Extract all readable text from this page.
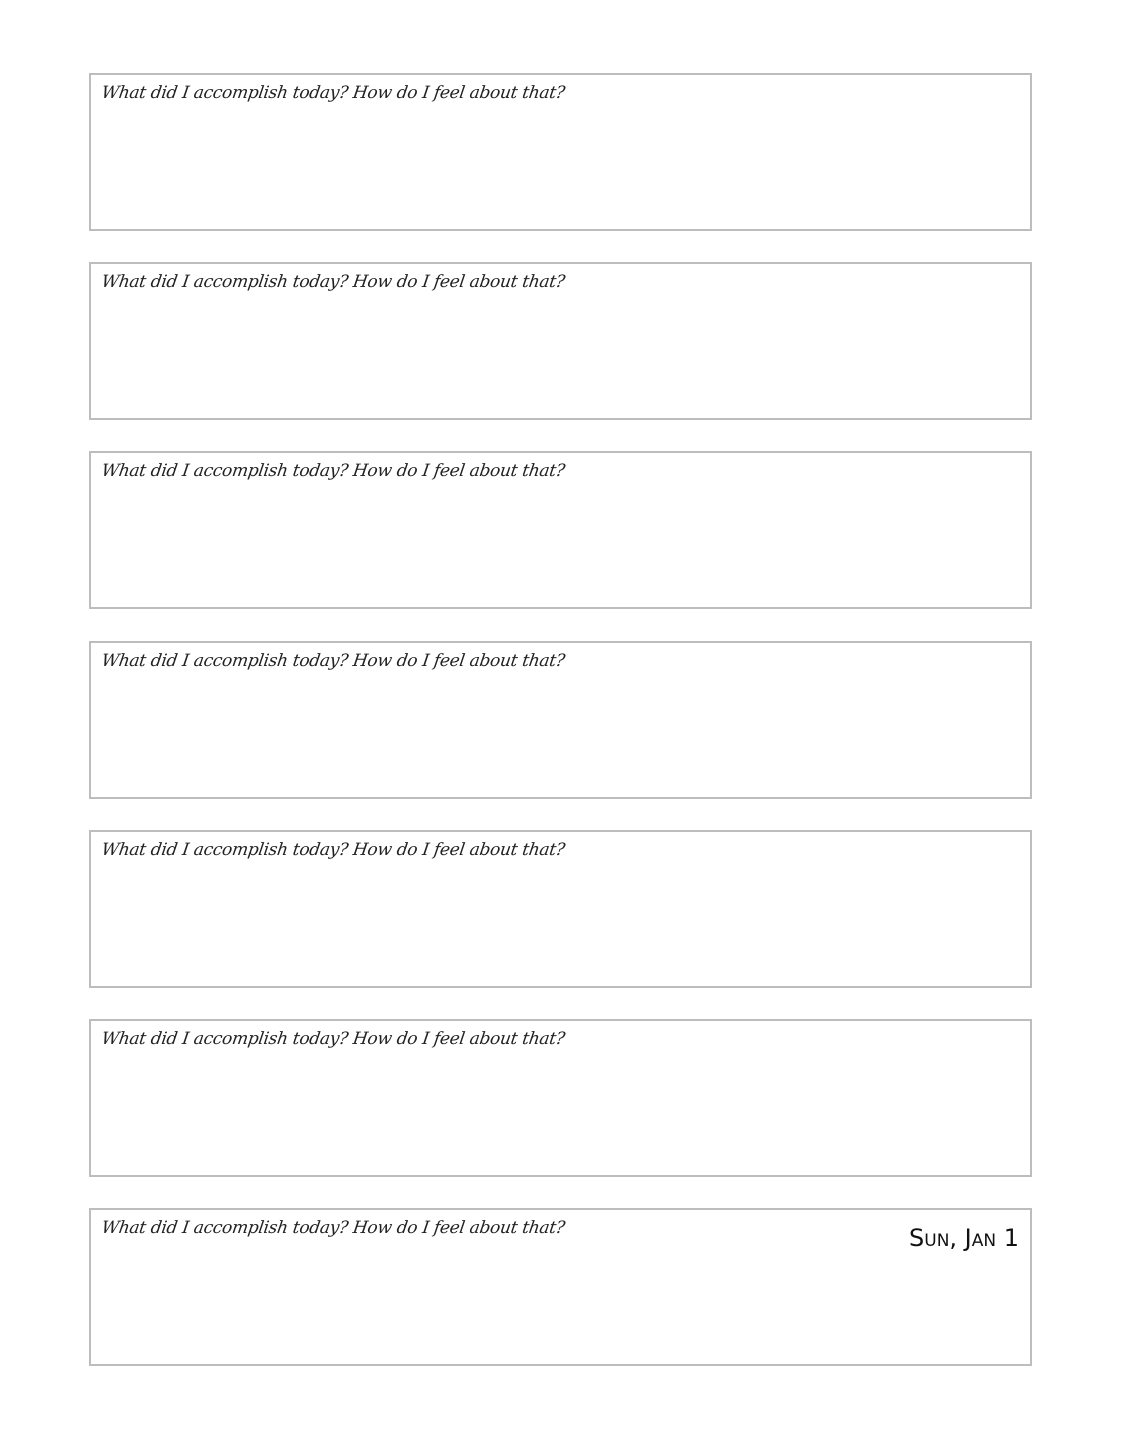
What did I accomplish today? How do I feel about that?
What did I accomplish today? How do I feel about that?
What did I accomplish today? How do I feel about that?
What did I accomplish today? How do I feel about that?
What did I accomplish today? How do I feel about that?
What did I accomplish today? How do I feel about that?
What did I accomplish today? How do I feel about that?	Sun, Jan 1
